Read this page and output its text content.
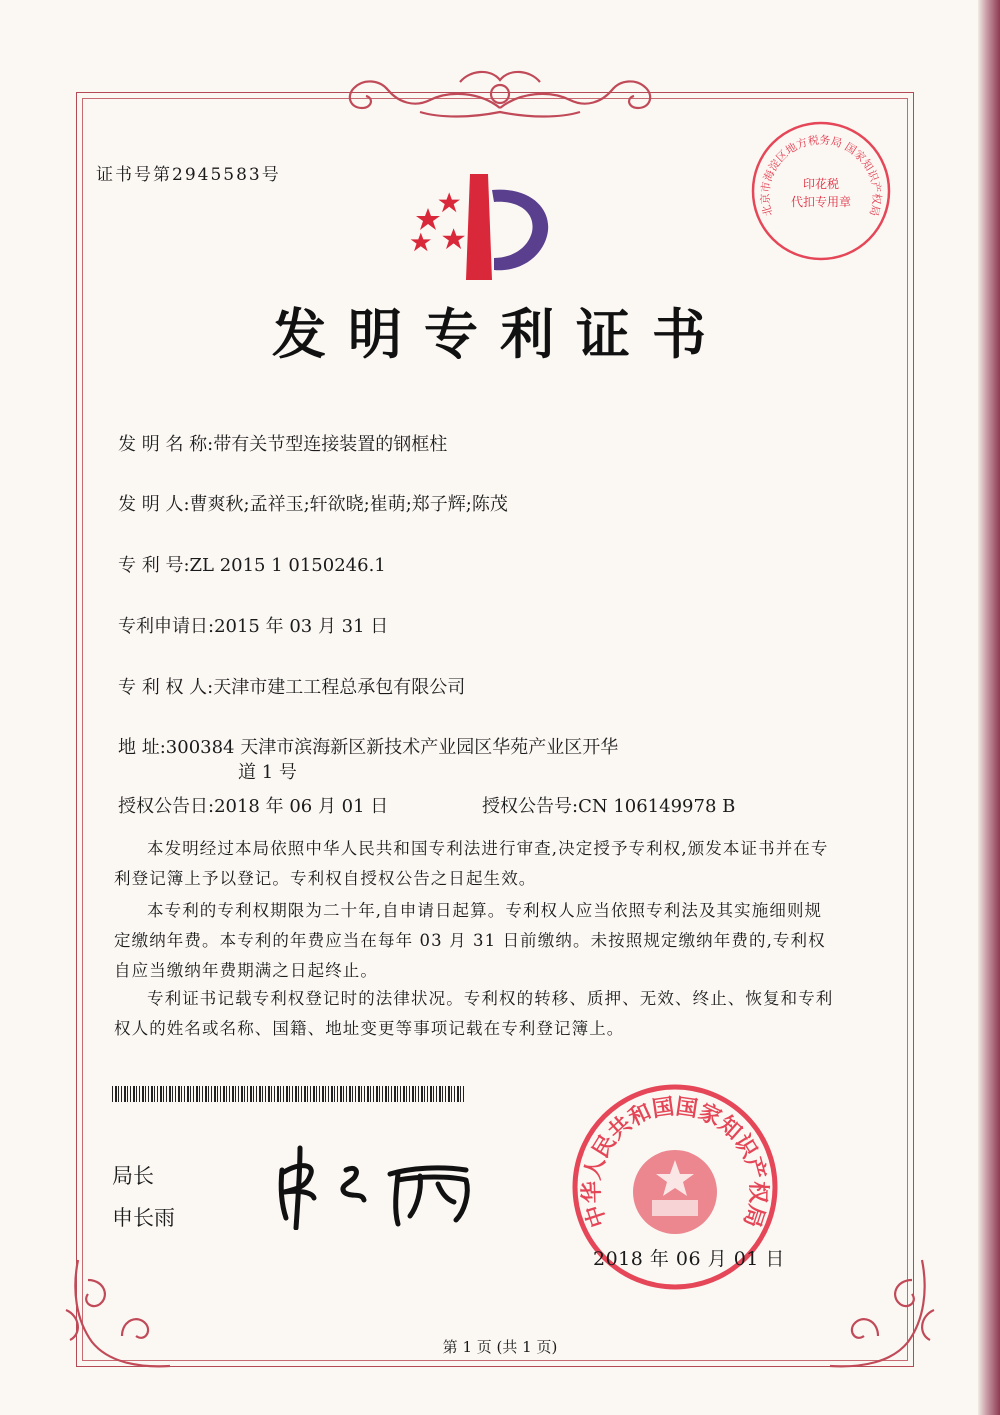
证书号第2945583号
发明专利证书
发 明 名 称:带有关节型连接装置的钢框柱
发 明 人:曹爽秋;孟祥玉;轩欲晓;崔萌;郑子辉;陈茂
专 利 号:ZL 2015 1 0150246.1
专利申请日:2015 年 03 月 31 日
专 利 权 人:天津市建工工程总承包有限公司
地 址:300384 天津市滨海新区新技术产业园区华苑产业区开华
道 1 号
授权公告日:2018 年 06 月 01 日	授权公告号:CN 106149978 B
本发明经过本局依照中华人民共和国专利法进行审查,决定授予专利权,颁发本证书并在专利登记簿上予以登记。专利权自授权公告之日起生效。
本专利的专利权期限为二十年,自申请日起算。专利权人应当依照专利法及其实施细则规定缴纳年费。本专利的年费应当在每年 03 月 31 日前缴纳。未按照规定缴纳年费的,专利权自应当缴纳年费期满之日起终止。
专利证书记载专利权登记时的法律状况。专利权的转移、质押、无效、终止、恢复和专利权人的姓名或名称、国籍、地址变更等事项记载在专利登记簿上。
局长
申长雨	中华人民共和国国家知识产权局
2018 年 06 月 01 日
北京市海淀区地方税务局 国家知识产权局
印花税
代扣专用章
第 1 页 (共 1 页)
